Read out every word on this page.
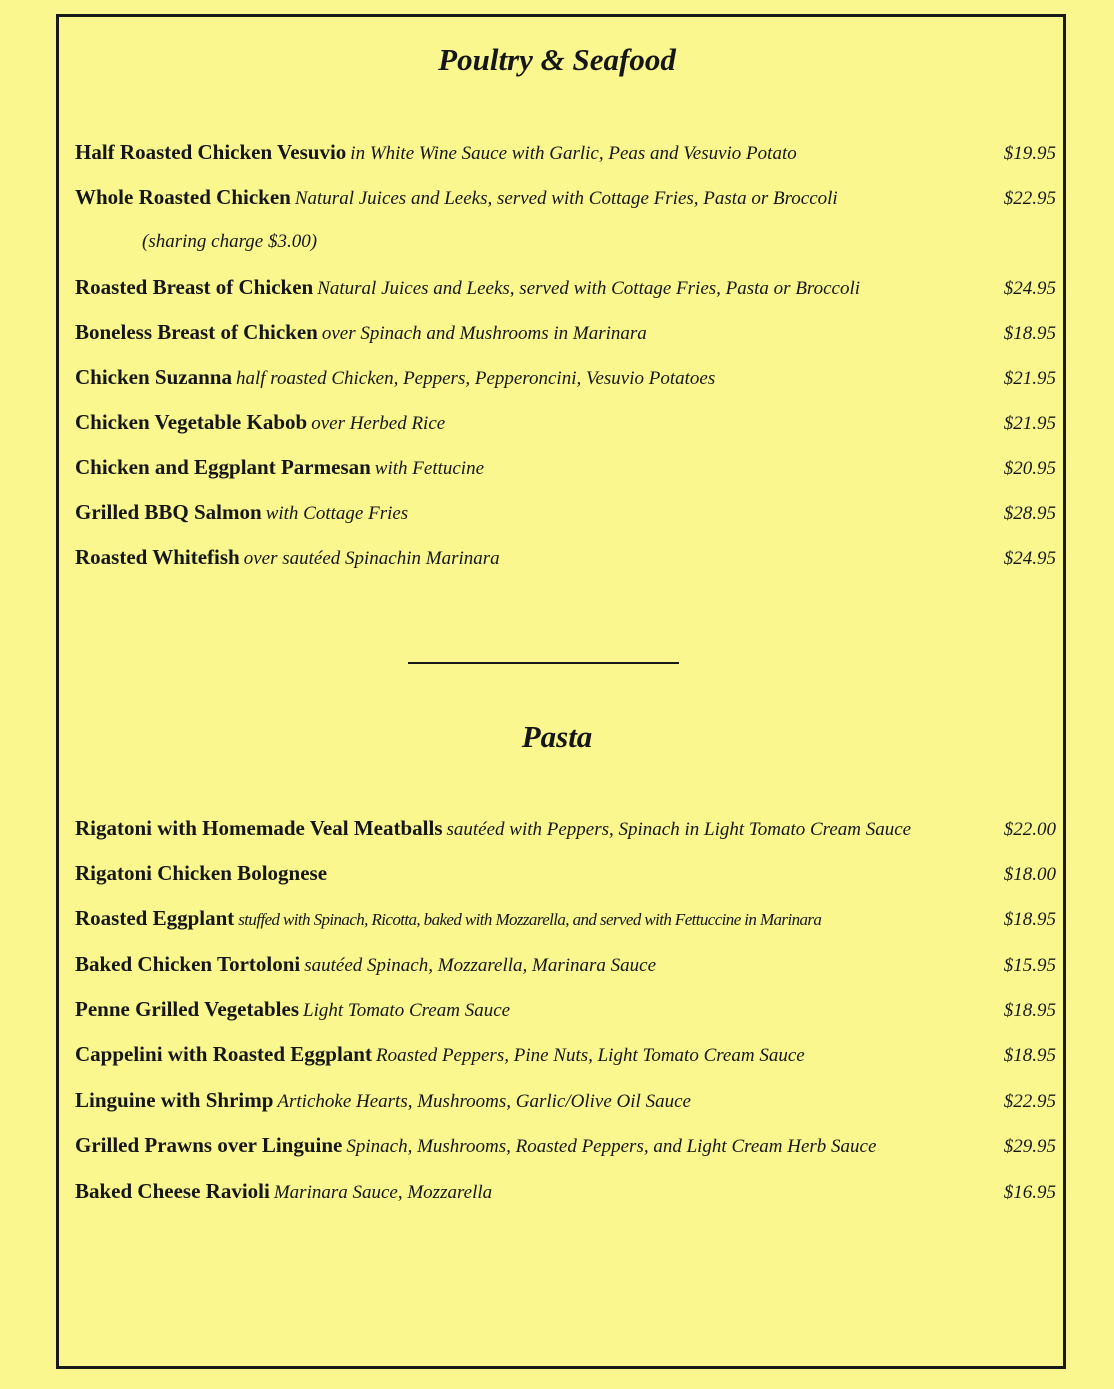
Poultry & Seafood
Half Roasted Chicken Vesuvio in White Wine Sauce with Garlic, Peas and Vesuvio Potato	$19.95
Whole Roasted Chicken Natural Juices and Leeks, served with Cottage Fries, Pasta or Broccoli	$22.95
(sharing charge $3.00)
Roasted Breast of Chicken Natural Juices and Leeks, served with Cottage Fries, Pasta or Broccoli	$24.95
Boneless Breast of Chicken over Spinach and Mushrooms in Marinara	$18.95
Chicken Suzanna half roasted Chicken, Peppers, Pepperoncini, Vesuvio Potatoes	$21.95
Chicken Vegetable Kabob over Herbed Rice	$21.95
Chicken and Eggplant Parmesan with Fettucine	$20.95
Grilled BBQ Salmon with Cottage Fries	$28.95
Roasted Whitefish over sautéed Spinachin Marinara	$24.95
Pasta
Rigatoni with Homemade Veal Meatballs sautéed with Peppers, Spinach in Light Tomato Cream Sauce	$22.00
Rigatoni Chicken Bolognese	$18.00
Roasted Eggplant stuffed with Spinach, Ricotta, baked with Mozzarella, and served with Fettuccine in Marinara	$18.95
Baked Chicken Tortoloni sautéed Spinach, Mozzarella, Marinara Sauce	$15.95
Penne Grilled Vegetables Light Tomato Cream Sauce	$18.95
Cappelini with Roasted Eggplant Roasted Peppers, Pine Nuts, Light Tomato Cream Sauce	$18.95
Linguine with Shrimp Artichoke Hearts, Mushrooms, Garlic/Olive Oil Sauce	$22.95
Grilled Prawns over Linguine Spinach, Mushrooms, Roasted Peppers, and Light Cream Herb Sauce	$29.95
Baked Cheese Ravioli Marinara Sauce, Mozzarella	$16.95
